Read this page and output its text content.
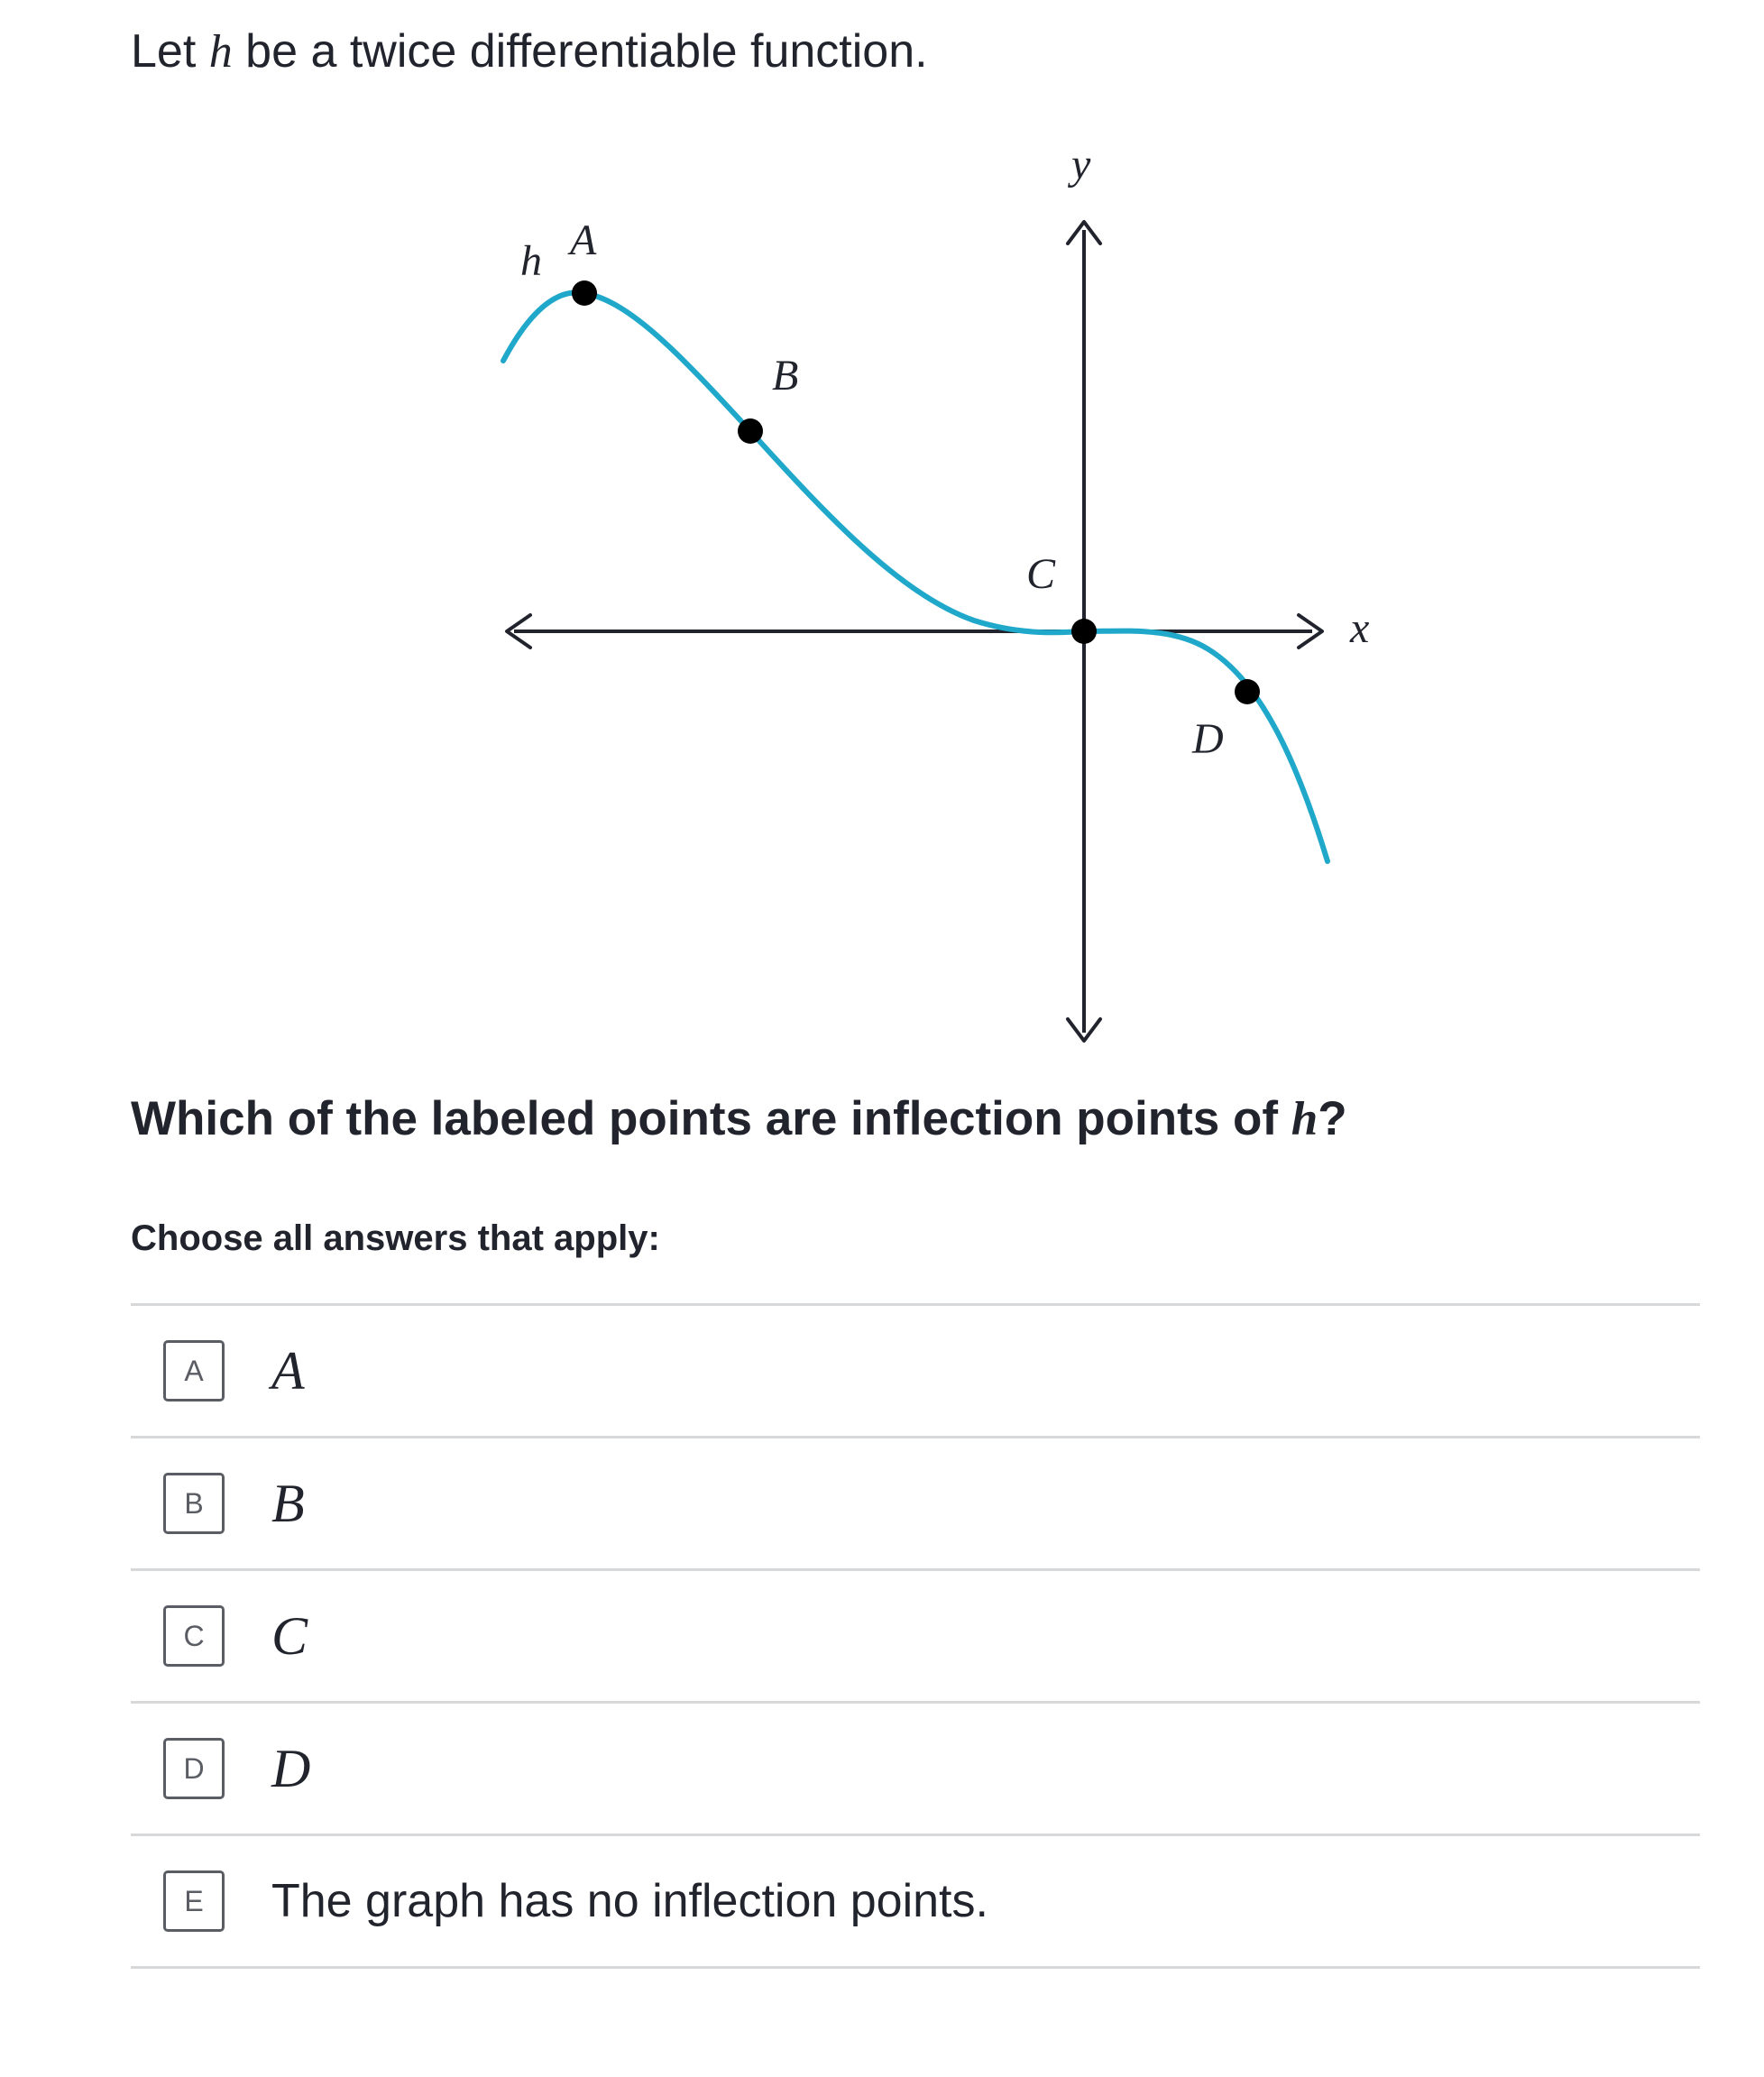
Let h be a twice differentiable function.
h A
B
C
D
x
y
Which of the labeled points are inflection points of h?
Choose all answers that apply:
A	A
B	B
C	C
D	D
E	The graph has no inflection points.
